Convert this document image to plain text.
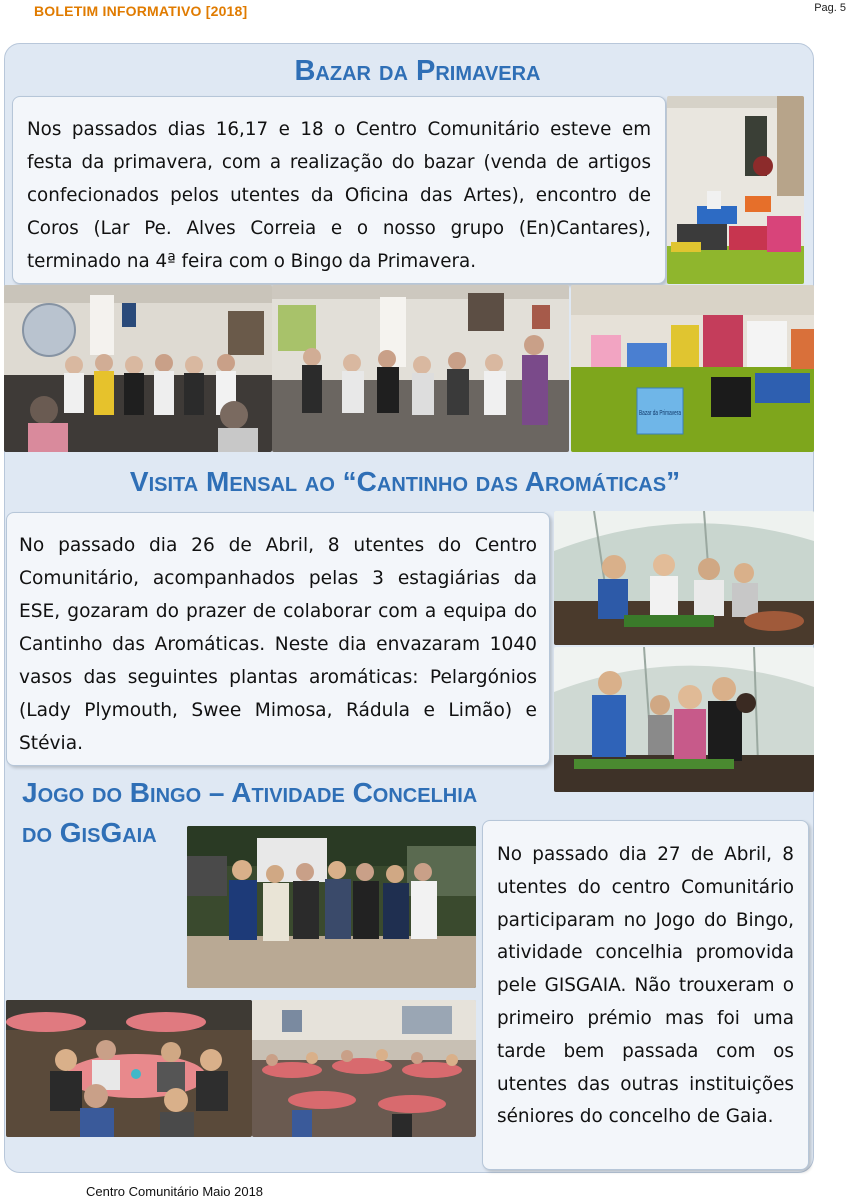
BOLETIM INFORMATIVO [2018]	Pag. 5
Bazar da Primavera

Nos passados dias 16,17 e 18 o Centro Comunitário esteve em festa da primavera, com a realização do bazar (venda de artigos confecionados pelos utentes da Oficina das Artes), encontro de Coros (Lar Pe. Alves Correia e o nosso grupo (En)Cantares), terminado na 4ª feira com o Bingo da Primavera.

Bazar da Primavera
Visita Mensal ao “Cantinho das Aromáticas”

No passado dia 26 de Abril, 8 utentes do Centro Comunitário, acompanhados pelas 3 estagiárias da ESE, gozaram do prazer de colaborar com a equipa do Cantinho das Aromáticas. Neste dia envazaram 1040 vasos das seguintes plantas aromáticas: Pelargónios (Lady Plymouth, Swee Mimosa, Rádula e Limão) e Stévia.

Jogo do Bingo – Atividade Concelhia
do GisGaia

No passado dia 27 de Abril, 8 utentes do centro Comunitário participaram no Jogo do Bingo, atividade concelhia promovida pele GISGAIA. Não trouxeram o primeiro prémio mas foi uma tarde bem passada com os utentes das outras instituições séniores do concelho de Gaia.

Centro Comunitário Maio 2018
